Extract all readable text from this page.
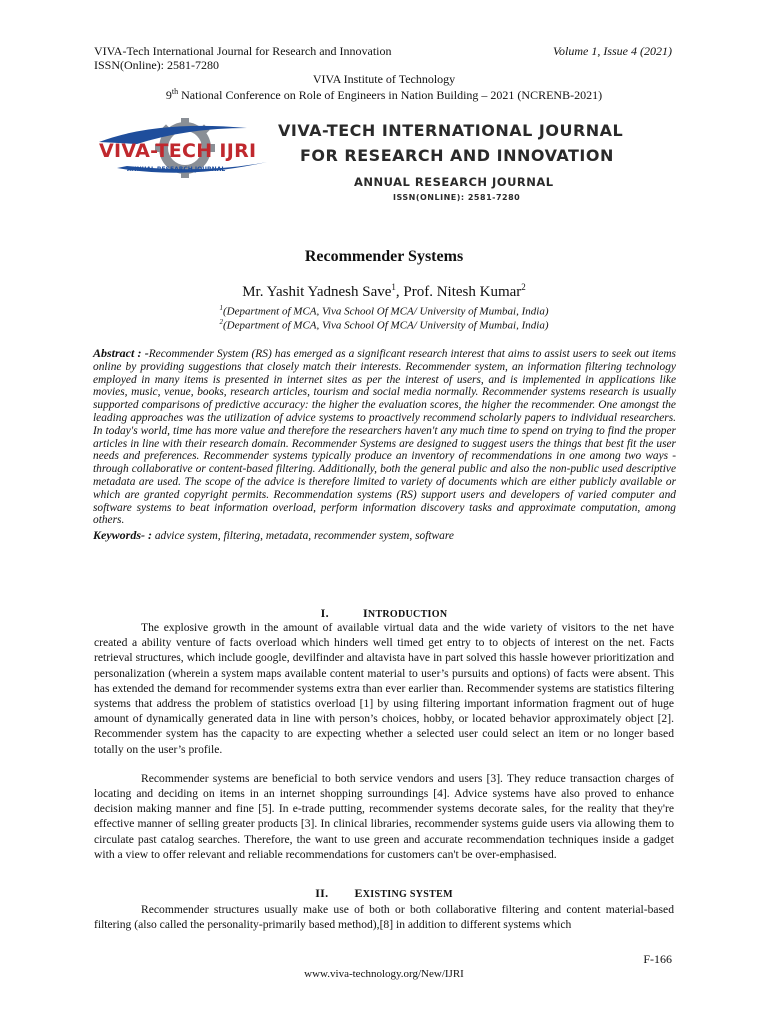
VIVA-Tech International Journal for Research and Innovation	Volume 1, Issue 4 (2021)
ISSN(Online): 2581-7280
VIVA Institute of Technology
9th National Conference on Role of Engineers in Nation Building – 2021 (NCRENB-2021)
VIVA-TECH IJRI
ANNUAL RESEARCH JOURNAL
VIVA-TECH INTERNATIONAL JOURNAL
FOR RESEARCH AND INNOVATION
ANNUAL RESEARCH JOURNAL
ISSN(ONLINE): 2581-7280
Recommender Systems
Mr. Yashit Yadnesh Save$^1$, Prof. Nitesh Kumar$^2$
$^1$(Department of MCA, Viva School Of MCA/ University of Mumbai, India)
$^2$(Department of MCA, Viva School Of MCA/ University of Mumbai, India)
Abstract : -Recommender System (RS) has emerged as a significant research interest that aims to assist users to seek out items online by providing suggestions that closely match their interests. Recommender system, an information filtering technology employed in many items is presented in internet sites as per the interest of users, and is implemented in applications like movies, music, venue, books, research articles, tourism and social media normally. Recommender systems research is usually supported comparisons of predictive accuracy: the higher the evaluation scores, the higher the recommender. One amongst the leading approaches was the utilization of advice systems to proactively recommend scholarly papers to individual researchers. In today's world, time has more value and therefore the researchers haven't any much time to spend on trying to find the proper articles in line with their research domain. Recommender Systems are designed to suggest users the things that best fit the user needs and preferences. Recommender systems typically produce an inventory of recommendations in one among two ways -through collaborative or content-based filtering. Additionally, both the general public and also the non-public used descriptive metadata are used. The scope of the advice is therefore limited to variety of documents which are either publicly available or which are granted copyright permits. Recommendation systems (RS) support users and developers of varied computer and software systems to beat information overload, perform information discovery tasks and approximate computation, among others.
Keywords- : advice system, filtering, metadata, recommender system, software
I.	INTRODUCTION

The explosive growth in the amount of available virtual data and the wide variety of visitors to the net have created a ability venture of facts overload which hinders well timed get entry to to objects of interest on the net. Facts retrieval structures, which include google, devilfinder and altavista have in part solved this hassle however prioritization and personalization (wherein a system maps available content material to user’s pursuits and options) of facts were absent. This has extended the demand for recommender systems extra than ever earlier than. Recommender systems are statistics filtering systems that address the problem of statistics overload [1] by using filtering important information fragment out of huge amount of dynamically generated data in line with person’s choices, hobby, or located behavior approximately object [2]. Recommender system has the capacity to are expecting whether a selected user could select an item or no longer based totally on the user’s profile.

Recommender systems are beneficial to both service vendors and users [3]. They reduce transaction charges of locating and deciding on items in an internet shopping surroundings [4]. Advice systems have also proved to enhance decision making manner and fine [5]. In e-trade putting, recommender systems decorate sales, for the reality that they're effective manner of selling greater products [3]. In clinical libraries, recommender systems guide users via allowing them to circulate past catalog searches. Therefore, the want to use green and accurate recommendation techniques inside a gadget with a view to offer relevant and reliable recommendations for customers can't be over-emphasised.

II. EXISTING SYSTEM

Recommender structures usually make use of both or both collaborative filtering and content material-based filtering (also called the personality-primarily based method),[8] in addition to different systems which

F-166
www.viva-technology.org/New/IJRI
